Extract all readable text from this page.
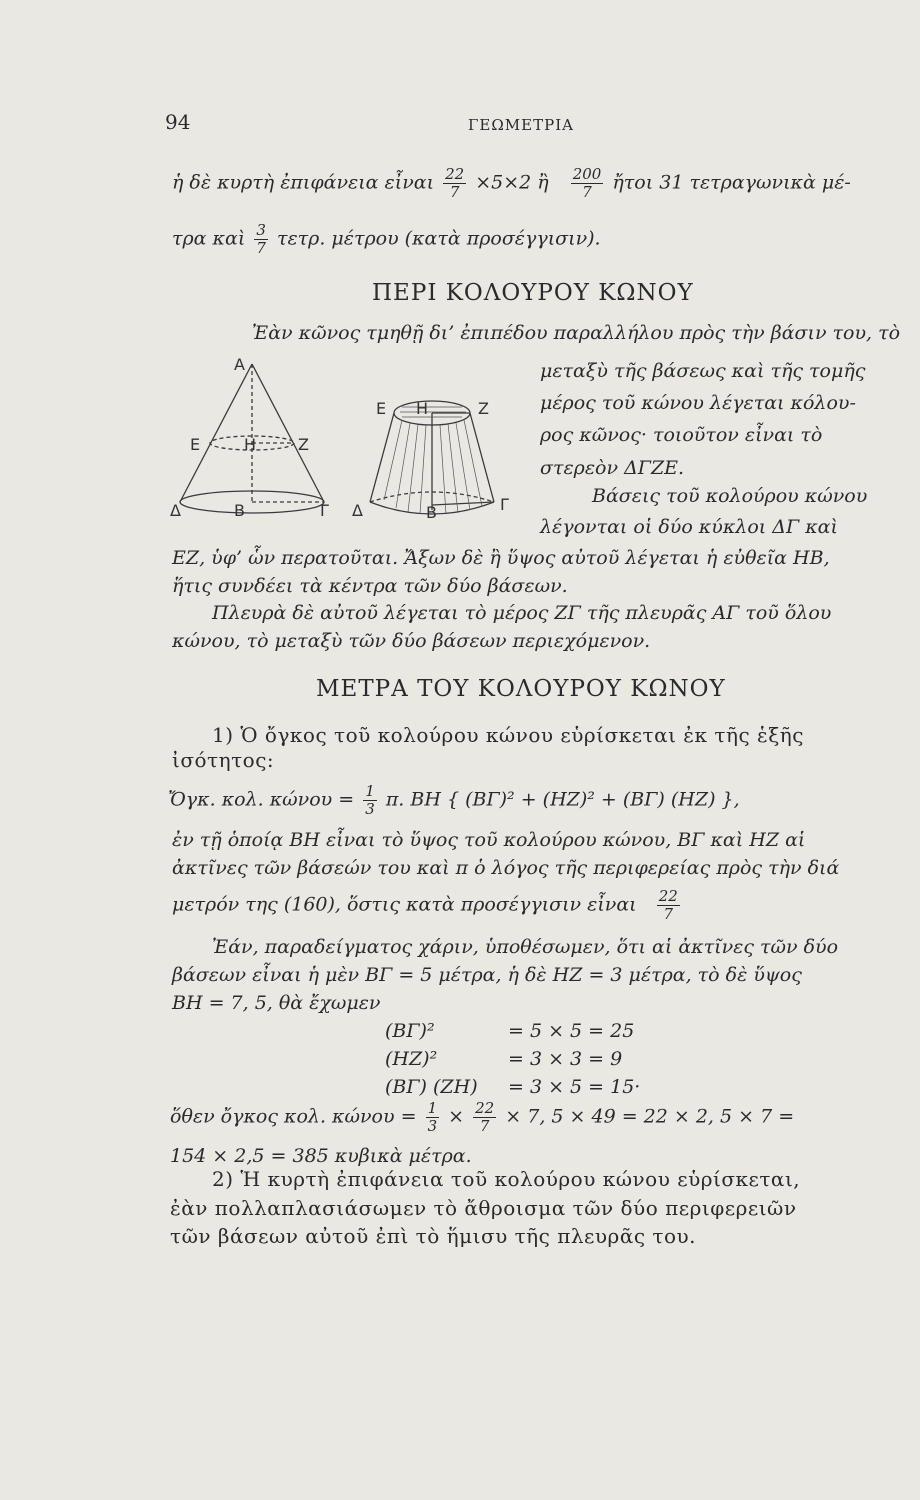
94	ΓΕΩΜΕΤΡΙΑ
ἡ δὲ κυρτὴ ἐπιφάνεια εἶναι $\frac{22}{7} \times 5\times 2$ ἢ $\frac{200}{7}$ ἤτοι 31 τετραγωνικὰ μέ-
τρα καὶ $\frac{3}{7} \tau\varepsilon\tau\rho$. μέτρου (κατὰ προσέγγισιν).
ΠΕΡΙ ΚΟΛΟΥΡΟΥ ΚΩΝΟΥ
Ἐὰν κῶνος τμηθῇ δι’ ἐπιπέδου παραλλήλου πρὸς τὴν βάσιν του, τὸ
μεταξὺ τῆς βάσεως καὶ τῆς τομῆς
μέρος τοῦ κώνου λέγεται κόλου-
ρος κῶνος· τοιοῦτον εἶναι τὸ
στερεὸν ΔΓΖΕ.
Βάσεις τοῦ κολούρου κώνου
λέγονται οἱ δύο κύκλοι ΔΓ καὶ
ΕΖ, ὑφ’ ὧν περατοῦται. Ἄξων δὲ ἢ ὕψος αὐτοῦ λέγεται ἡ εὐθεῖα ΗΒ,
ἥτις συνδέει τὰ κέντρα τῶν δύο βάσεων.
Πλευρὰ δὲ αὐτοῦ λέγεται τὸ μέρος ΖΓ τῆς πλευρᾶς ΑΓ τοῦ ὅλου
κώνου, τὸ μεταξὺ τῶν δύο βάσεων περιεχόμενον.
Α
Ε	Η	Ζ
Δ	Β	Γ
Ε Η	Ζ
Δ	Β	Γ
ΜΕΤΡΑ ΤΟΥ ΚΟΛΟΥΡΟΥ ΚΩΝΟΥ
1) Ὁ ὄγκος τοῦ κολούρου κώνου εὑρίσκεται ἐκ τῆς ἑξῆς
ἰσότητος:
Ὄγκ. κολ. $\kappa ώ\nu o\upsilon = \frac{1}{3} \pi$. ΒΗ { (ΒΓ)² + (ΗΖ)² + (ΒΓ) (ΗΖ) },
ἐν τῇ ὁποίᾳ ΒΗ εἶναι τὸ ὕψος τοῦ κολούρου κώνου, ΒΓ καὶ ΗΖ αἱ
ἀκτῖνες τῶν βάσεών του καὶ π ὁ λόγος τῆς περιφερείας πρὸς τὴν διά
μετρόν της (160), ὅστις κατὰ προσέγγισιν εἶναι $\frac{22}{7}$
Ἐάν, παραδείγματος χάριν, ὑποθέσωμεν, ὅτι αἱ ἀκτῖνες τῶν δύο
βάσεων εἶναι ἡ μὲν ΒΓ = 5 μέτρα, ἡ δὲ ΗΖ = 3 μέτρα, τὸ δὲ ὕψος
ΒΗ = 7, 5, θὰ ἔχωμεν
(ΒΓ)²	= 5 × 5 = 25
(ΗΖ)²	= 3 × 3 = 9
(ΒΓ) (ΖΗ) = 3 × 5 = 15·
ὅθεν ὄγκος κολ. $\kappa ώ\nu o\upsilon = \frac{1}{3} \times \frac{22}{7} \times 7$, 5 × 49 = 22 × 2, 5 × 7 =
154 × 2,5 = 385 κυβικὰ μέτρα.
2) Ἡ κυρτὴ ἐπιφάνεια τοῦ κολούρου κώνου εὑρίσκεται,
ἐὰν πολλαπλασιάσωμεν τὸ ἄθροισμα τῶν δύο περιφερειῶν
τῶν βάσεων αὐτοῦ ἐπὶ τὸ ἥμισυ τῆς πλευρᾶς του.
